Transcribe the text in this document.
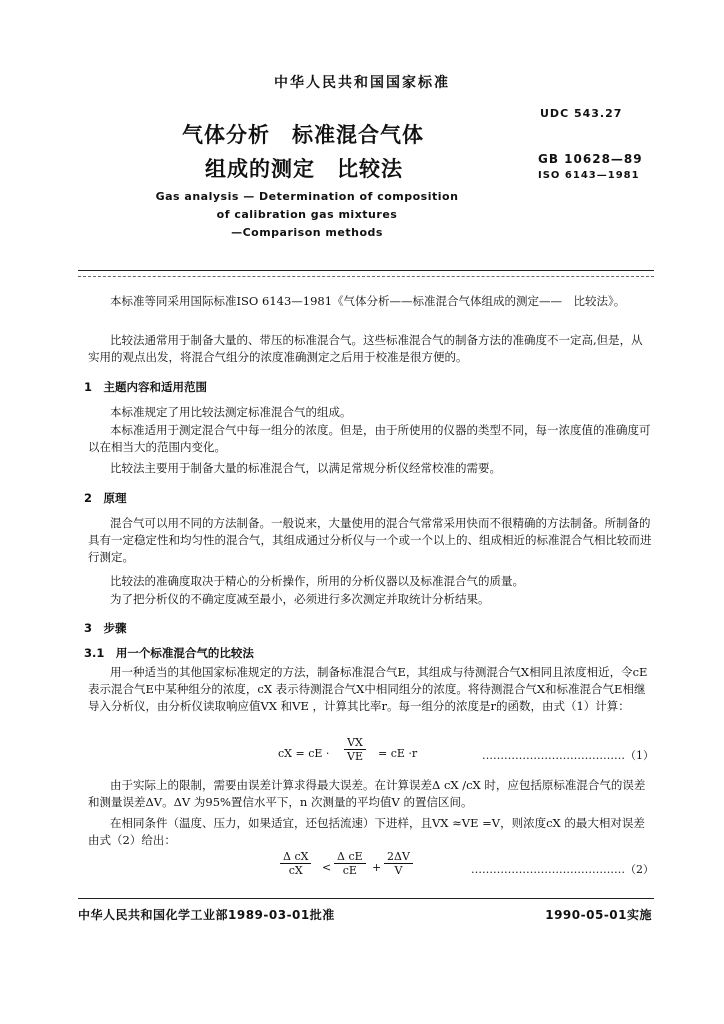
中华人民共和国国家标准
UDC 543.27
气体分析　标准混合气体
组成的测定　比较法	GB 10628—89
ISO 6143—1981
Gas analysis — Determination of composition
of calibration gas mixtures
—Comparison methods

本标准等同采用国际标准ISO 6143—1981《气体分析——标准混合气体组成的测定——　比较法》。

比较法通常用于制备大量的、带压的标准混合气。这些标准混合气的制备方法的准确度不一定高,但是，从实用的观点出发，将混合气组分的浓度准确测定之后用于校准是很方便的。

1　主题内容和适用范围

本标准规定了用比较法测定标准混合气的组成。

本标准适用于测定混合气中每一组分的浓度。但是，由于所使用的仪器的类型不同，每一浓度值的准确度可以在相当大的范围内变化。

比较法主要用于制备大量的标准混合气，以满足常规分析仪经常校准的需要。

2　原理

混合气可以用不同的方法制备。一般说来，大量使用的混合气常常采用快而不很精确的方法制备。所制备的具有一定稳定性和均匀性的混合气，其组成通过分析仪与一个或一个以上的、组成相近的标准混合气相比较而进行测定。

比较法的准确度取决于精心的分析操作，所用的分析仪器以及标准混合气的质量。

为了把分析仪的不确定度减至最小，必须进行多次测定并取统计分析结果。

3　步骤

3.1　用一个标准混合气的比较法

用一种适当的其他国家标准规定的方法，制备标准混合气E，其组成与待测混合气X相同且浓度相近，令cE 表示混合气E中某种组分的浓度，cX 表示待测混合气X中相同组分的浓度。将待测混合气X和标准混合气E相继导入分析仪，由分析仪读取响应值VX 和VE ，计算其比率r。每一组分的浓度是r的函数，由式（1）计算：

cX = cE · $\frac{VX}{VE}$ = cE ·r	…………………………………（1）

由于实际上的限制，需要由误差计算求得最大误差。在计算误差Δ cX /cX 时，应包括原标准混合气的误差和测量误差ΔV。ΔV 为95%置信水平下，n 次测量的平均值V 的置信区间。

在相同条件（温度、压力，如果适宜，还包括流速）下进样，且VX ≈VE =V，则浓度cX 的最大相对误差由式（2）给出：

$\frac{\text{Δ cX}}{cX} < \frac{\text{Δ cE}}{cE} + \frac{2\Delta V}{V}$	……………………………………（2）
中华人民共和国化学工业部1989-03-01批准	1990-05-01实施
